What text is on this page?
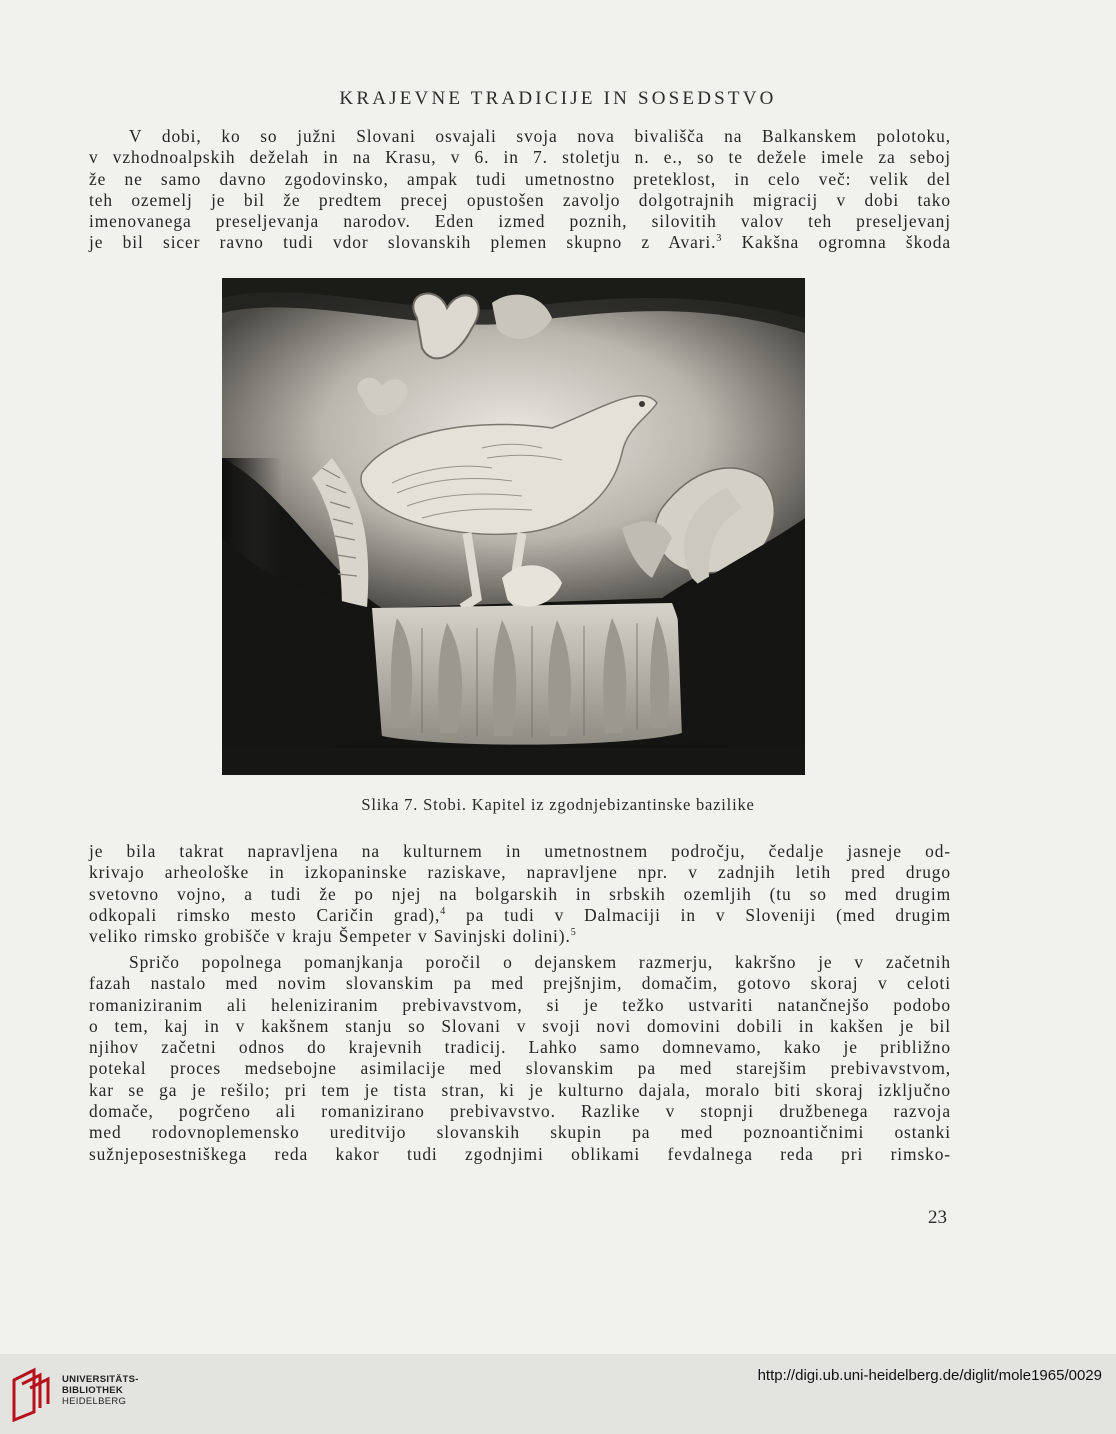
KRAJEVNE TRADICIJE IN SOSEDSTVO
V dobi, ko so južni Slovani osvajali svoja nova bivališča na Balkanskem polotoku,
v vzhodnoalpskih deželah in na Krasu, v 6. in 7. stoletju n. e., so te dežele imele za seboj
že ne samo davno zgodovinsko, ampak tudi umetnostno preteklost, in celo več: velik del
teh ozemelj je bil že predtem precej opustošen zavoljo dolgotrajnih migracij v dobi tako
imenovanega preseljevanja narodov. Eden izmed poznih, silovitih valov teh preseljevanj
je bil sicer ravno tudi vdor slovanskih plemen skupno z Avari.$^3$ Kakšna ogromna škoda
Slika 7. Stobi. Kapitel iz zgodnjebizantinske bazilike
je bila takrat napravljena na kulturnem in umetnostnem področju, čedalje jasneje od-
krivajo arheološke in izkopaninske raziskave, napravljene npr. v zadnjih letih pred drugo
svetovno vojno, a tudi že po njej na bolgarskih in srbskih ozemljih (tu so med drugim
odkopali rimsko mesto Caričin grad),$^4$ pa tudi v Dalmaciji in v Sloveniji (med drugim
veliko rimsko grobišče v kraju Šempeter v Savinjski dolini).$^5$
Spričo popolnega pomanjkanja poročil o dejanskem razmerju, kakršno je v začetnih
fazah nastalo med novim slovanskim pa med prejšnjim, domačim, gotovo skoraj v celoti
romaniziranim ali heleniziranim prebivavstvom, si je težko ustvariti natančnejšo podobo
o tem, kaj in v kakšnem stanju so Slovani v svoji novi domovini dobili in kakšen je bil
njihov začetni odnos do krajevnih tradicij. Lahko samo domnevamo, kako je približno
potekal proces medsebojne asimilacije med slovanskim pa med starejšim prebivavstvom,
kar se ga je rešilo; pri tem je tista stran, ki je kulturno dajala, moralo biti skoraj izključno
domače, pogrčeno ali romanizirano prebivavstvo. Razlike v stopnji družbenega razvoja
med rodovnoplemensko ureditvijo slovanskih skupin pa med poznoantičnimi ostanki
sužnjeposestniškega reda kakor tudi zgodnjimi oblikami fevdalnega reda pri rimsko-
23
UNIVERSITÄTS-
BIBLIOTHEK
HEIDELBERG
http://digi.ub.uni-heidelberg.de/diglit/mole1965/0029
